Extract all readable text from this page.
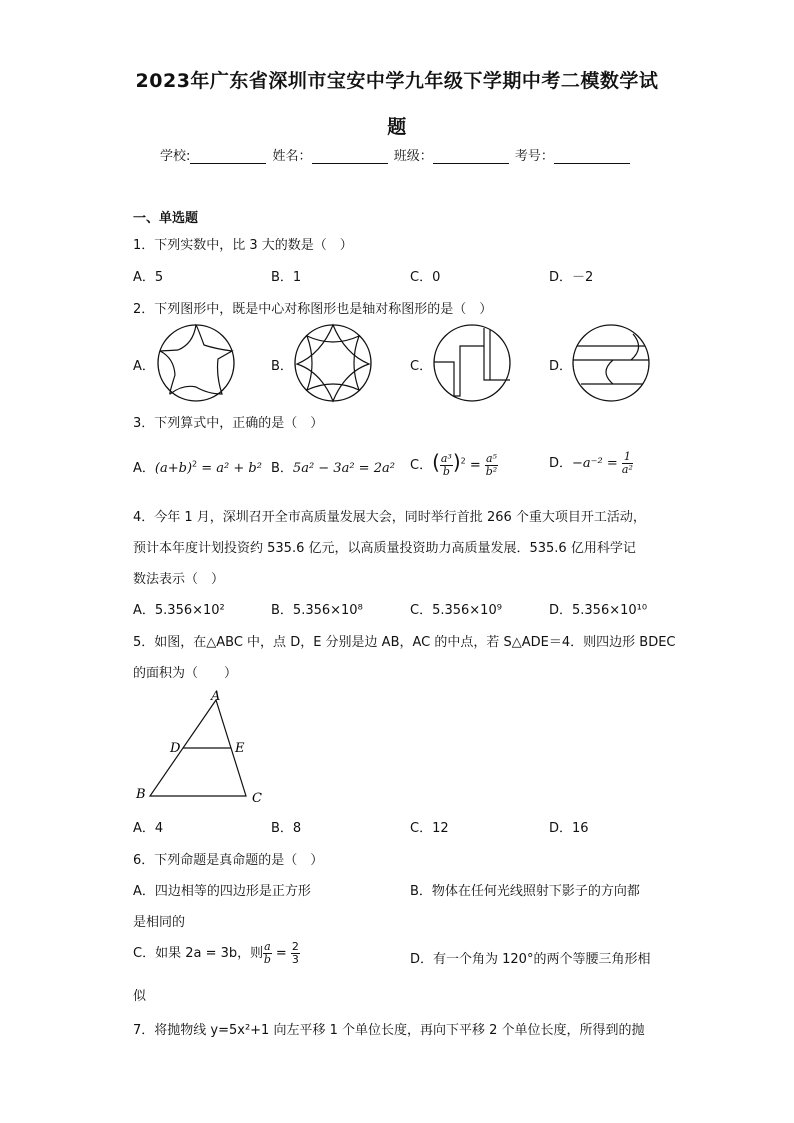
2023年广东省深圳市宝安中学九年级下学期中考二模数学试
题
学校:	姓名：	班级：	考号：
一、单选题
1．下列实数中，比 3 大的数是（　）
A．5	B．1	C．0	D．－2
2．下列图形中，既是中心对称图形也是轴对称图形的是（　）
A．	B．	C．	D．
3．下列算式中，正确的是（　）
A．$(a+b)^2 = a^2 + b^2$ B．5a² − 3a² = 2a² C．( $\frac{\text{a³}}{b} )^2 = \frac{\text{a⁵}}{\text{b²}}$	D．$-a^{-2} = \frac{1}{\text{a²}}$
4．今年 1 月，深圳召开全市高质量发展大会，同时举行首批 266 个重大项目开工活动，
预计本年度计划投资约 535.6 亿元，以高质量投资助力高质量发展．535.6 亿用科学记
数法表示（　）
A．5.356×10²	B．5.356×10⁸	C．5.356×10⁹	D．5.356×10¹⁰
5．如图，在△ABC 中，点 D，E 分别是边 AB，AC 的中点，若 S△ADE＝4．则四边形 BDEC
的面积为（　　）
A
D	E
B	C
A．4	B．8	C．12	D．16
6．下列命题是真命题的是（　）
A．四边相等的四边形是正方形	B．物体在任何光线照射下影子的方向都
是相同的
C．如果 2a = 3b，则 $\frac{a}{b} = \frac{2}{3}$	D．有一个角为 120°的两个等腰三角形相
似
7．将抛物线 y=5x²+1 向左平移 1 个单位长度，再向下平移 2 个单位长度，所得到的抛
